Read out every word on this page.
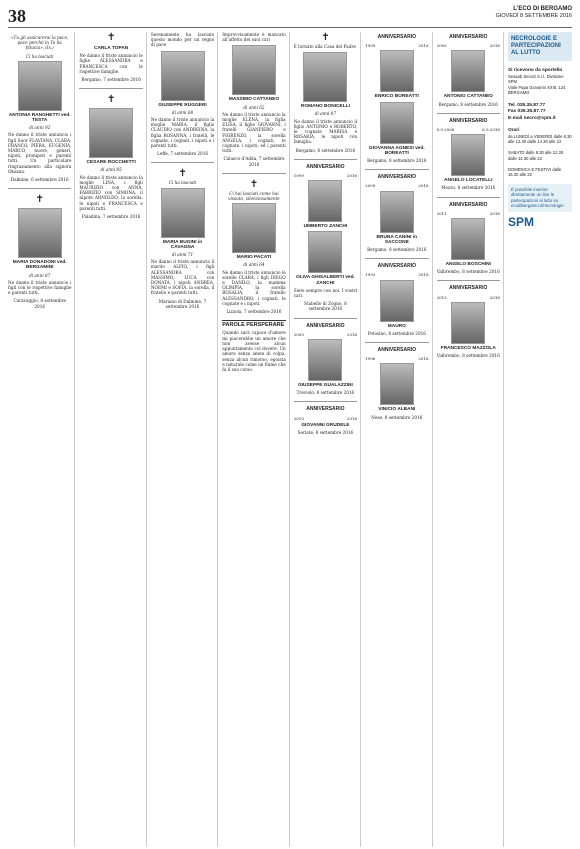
38	L'ECO DI BERGAMO
GIOVEDÌ 8 SETTEMBRE 2016
«Tu gli assicurerai la pace, pace perché in Te ha fiducia». (Is.)
Ci ha lasciati
ANTONIA RANGHETTI ved. TESTA
di anni 92
Ne danno il triste annuncio i figli Suor FLAVIANA, CLARA, FRANCO, PIERA, EUGENIA, MARCO, nuore, generi, nipoti, pronipoti e parenti tutti. Un particolare ringraziamento alla signora Oksana.
Dalmine, 6 settembre 2016
✝
MARIA DONADONI ved. BERGAMINI
di anni 87
Ne danno il triste annuncio i figli con le rispettive famiglie e parenti tutti.
Caravaggio, 8 settembre 2016
✝
CARLA TOPAN
Ne danno il triste annuncio le figlie ALESSANDRA e FRANCESCA con le rispettive famiglie.
Bergamo, 7 settembre 2016
✝
CESARE ROCCHETTI
di anni 85
Ne danno il triste annuncio la moglie LINA, i figli MAURIZIO con ANNA, FABRIZIO con SIMONA, il nipote ARNOLDO, la sorella, le nipoti e FRANCESCA e parenti tutti.
Paladina, 7 settembre 2016
Serenamente ha lasciato questo mondo per un regno di pace
GIUSEPPE RUGGERI
di anni 68
Ne danno il triste annuncio la moglie MARIA, il figlio CLAUDIO con ANDREINA, la figlia ROSANNA, i fratelli, le cognate, i cognati, i nipoti e i parenti tutti.
Leffe, 7 settembre 2016
✝
Ci ha lasciati
MARIA BUGINI in CAVAGNA
di anni 71
Ne danno il triste annuncio il marito ALFIO, i figli ALESSANDRA con MASSIMO, LUCA con DONATA, i nipoti ANDREA, NOEMI e SOFIA, la sorella, il fratello e parenti tutti.
Mariano di Dalmine, 7 settembre 2016
Improvvisamente è mancato all'affetto dei suoi cari
MASSIMO CATTANEO
di anni 62
Ne danno il triste annuncio la moglie ELENA, la figlia ELISA, il figlio GIOVANNI, i fratelli GIANPIERO e FIORENZO, la sorella ANGELA, i cognati, le cognate, i nipoti, ed i parenti tutti.
Calusco d'Adda, 7 settembre 2016
✝
Ci hai lasciati come hai vissuto, silenziosamente
MARIO PACATI
di anni 64
Ne danno il triste annuncio le sorelle CLARA, i figli DIEGO e DANILO, la mamma OLIMPIA, la sorella ROSALIA, il fratello ALESSANDRO, i cognati, le cognate e i nipoti.
Lizzola, 7 settembre 2016
PAROLE PERSPERARE
Quando sarà capace d'amore mi piacerebbe un amore che non avesse alcun appuntamento col dovere. Un amore senza amen di colpa, senza alcun rimorso, egoista e naturale come un fiume che fa il suo corso.
✝
È tornato alla Casa del Padre
ROMANO BONICELLI
di anni 87
Ne danno il triste annuncio il figlio ANTONIO e ROBERTO, le cognate MARISA e ROSARIA, le nipoti con famiglia.
Bergamo, 6 settembre 2016
ANNIVERSARIO
1999	2016
UMBERTO ZANCHI
OLIVA GHISALBERTI ved. ZANCHI
Siete sempre con noi. I vostri cari.
Stabello di Zogno, 8 settembre 2016
ANNIVERSARIO
2005	2016
GIUSEPPE GUALAZZINI
Treviolo, 8 settembre 2016
ANNIVERSARIO
2010	2016
GIOVANNI GRUDELE
Seriate, 8 settembre 2016
ANNIVERSARIO
1999	2016
ENRICO BOREATTI
GIOVANNA AGNESI ved. BOREATTI
Bergamo, 8 settembre 2016
ANNIVERSARIO
2009	2016
BRUNA CANINI in SACCONE
Bergamo, 8 settembre 2016
ANNIVERSARIO
1993	2016
MAURO
Petosino, 8 settembre 2016
ANNIVERSARIO
1996	2016
VINICIO ALBANI
Nese, 8 settembre 2016
ANNIVERSARIO
2003	2016
ANTONIO CATTANEO
Bergamo, 8 settembre 2016
ANNIVERSARIO
8.9.2006	8.9.2016
ANGELO LOCATELLI
Mozzo, 8 settembre 2016
ANNIVERSARIO
2011	2016
ANGELO BOSCHINI
Valbrembo, 8 settembre 2016
ANNIVERSARIO
2013	2016
FRANCESCO MAZZOLA
Valbrembo, 8 settembre 2016
NECROLOGIE E PARTECIPAZIONI AL LUTTO
Si ricevono da sportello
Sesaab Servizi S.r.l. Divisione SPM
Viale Papa Giovanni XXIII, 124 BERGAMO
Tel. 035.35.87.77
Fax 035.35.87.77
E-mail necro@spm.it
Orari
da LUNEDÌ a VENERDÌ dalle 8.30 alle 12.30 dalle 14.30 alle 22

SABATO dalle 8.30 alle 12.30 dalle 14.30 alle 22

DOMENICA E FESTIVI dalle 16.30 alle 22
È possibile inserire direttamente on line le partecipazioni al lutto su ecodibergamo.it/necrologie
SPM
